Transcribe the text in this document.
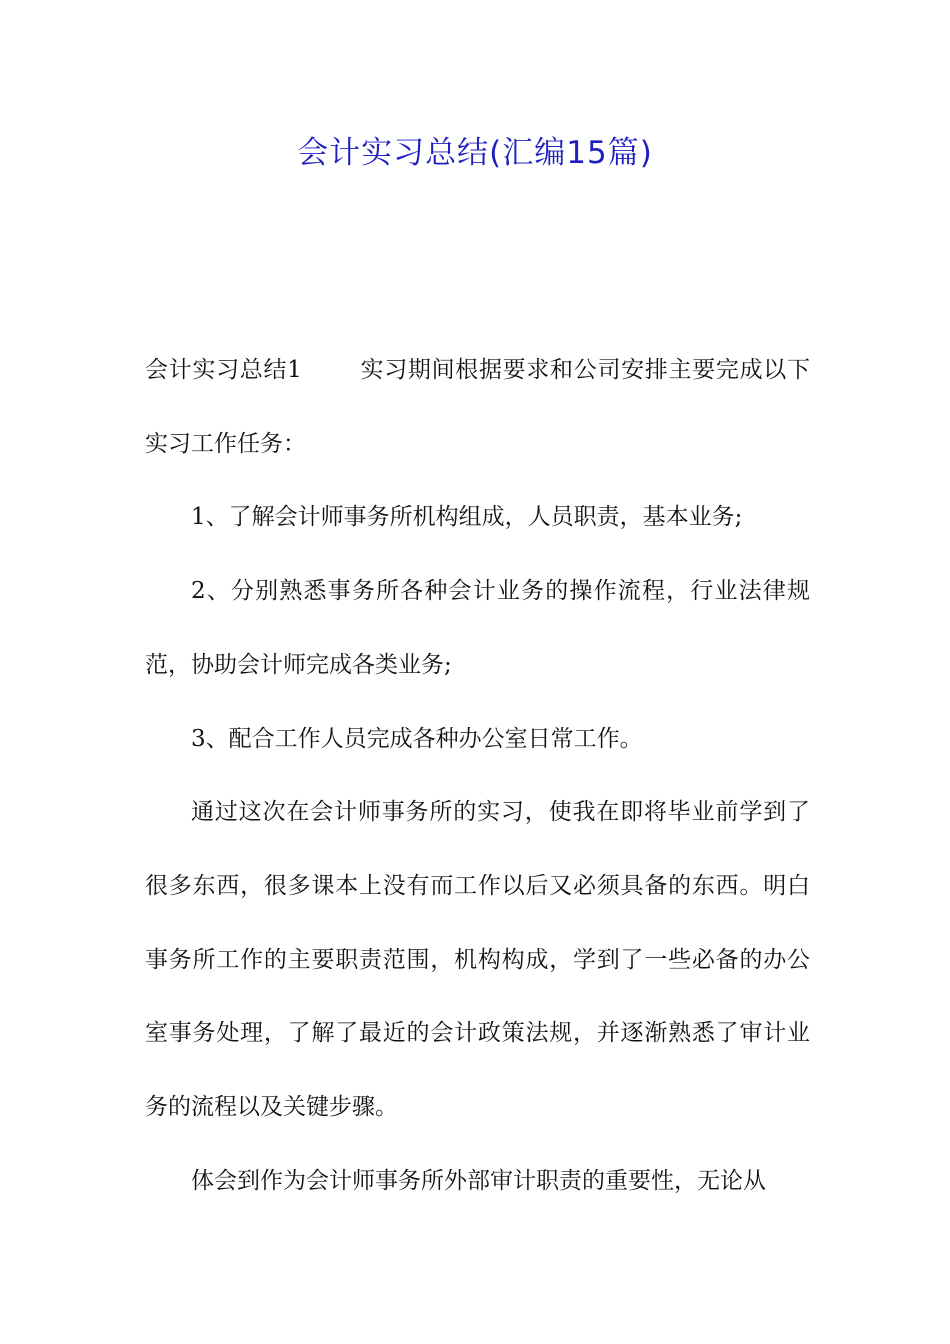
会计实习总结(汇编15篇)

会计实习总结1	实习期间根据要求和公司安排主要完成以下实习工作任务：

1、了解会计师事务所机构组成，人员职责，基本业务;

2、分别熟悉事务所各种会计业务的操作流程，行业法律规范，协助会计师完成各类业务;

3、配合工作人员完成各种办公室日常工作。

通过这次在会计师事务所的实习，使我在即将毕业前学到了很多东西，很多课本上没有而工作以后又必须具备的东西。明白事务所工作的主要职责范围，机构构成，学到了一些必备的办公室事务处理，了解了最近的会计政策法规，并逐渐熟悉了审计业务的流程以及关键步骤。

体会到作为会计师事务所外部审计职责的重要性，无论从
